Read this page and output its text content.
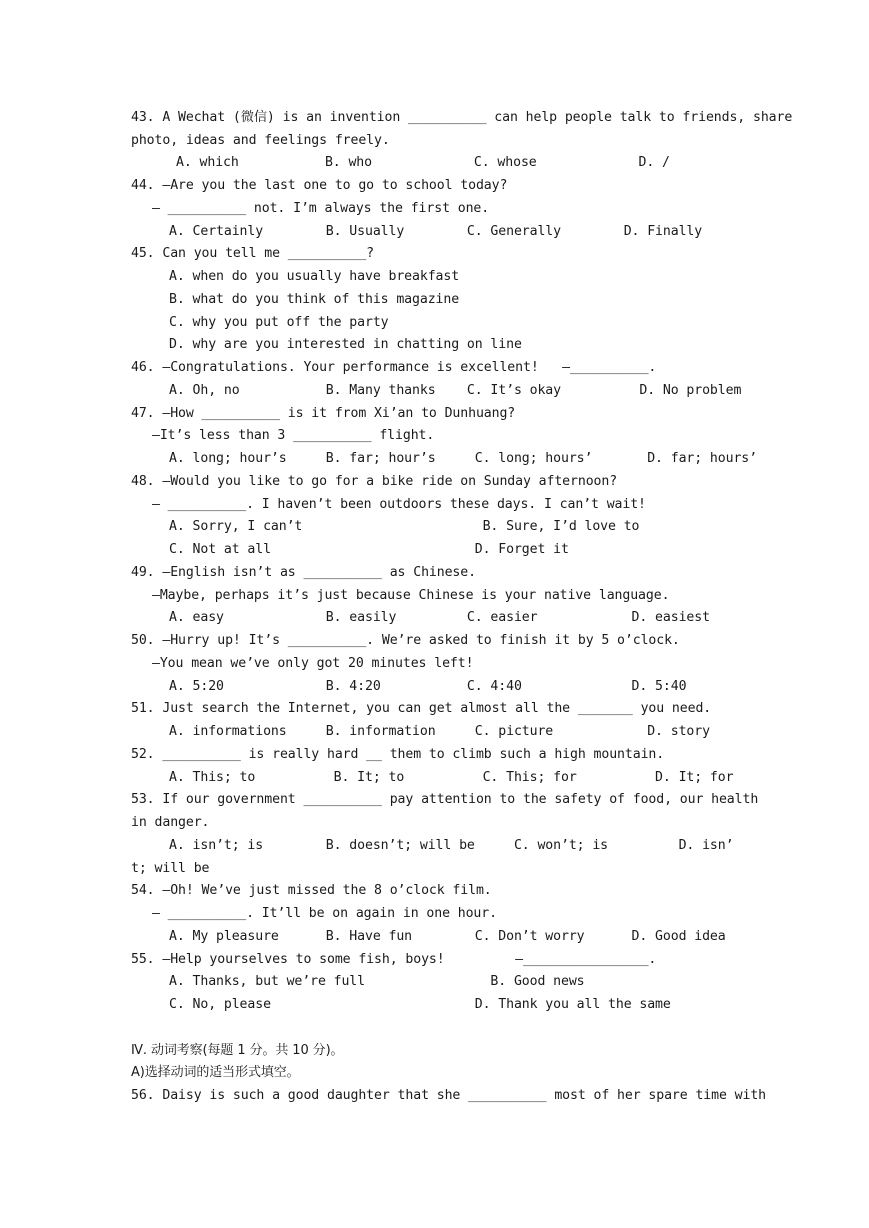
43. A Wechat (微信) is an invention __________ can help people talk to friends, share
photo, ideas and feelings freely.
A. which           B. who             C. whose             D. /
44. —Are you the last one to go to school today?
— __________ not. I’m always the first one.
A. Certainly        B. Usually        C. Generally        D. Finally
45. Can you tell me __________?
A. when do you usually have breakfast
B. what do you think of this magazine
C. why you put off the party
D. why are you interested in chatting on line
46. —Congratulations. Your performance is excellent!   —__________.
A. Oh, no           B. Many thanks    C. It’s okay          D. No problem
47. —How __________ is it from Xi’an to Dunhuang?
—It’s less than 3 __________ flight.
A. long; hour’s     B. far; hour’s     C. long; hours’       D. far; hours’
48. —Would you like to go for a bike ride on Sunday afternoon?
— __________. I haven’t been outdoors these days. I can’t wait!
A. Sorry, I can’t                       B. Sure, I’d love to
C. Not at all                          D. Forget it
49. —English isn’t as __________ as Chinese.
—Maybe, perhaps it’s just because Chinese is your native language.
A. easy             B. easily         C. easier            D. easiest
50. —Hurry up! It’s __________. We’re asked to finish it by 5 o’clock.
—You mean we’ve only got 20 minutes left!
A. 5:20             B. 4:20           C. 4:40              D. 5:40
51. Just search the Internet, you can get almost all the _______ you need.
A. informations     B. information     C. picture            D. story
52. __________ is really hard __ them to climb such a high mountain.
A. This; to          B. It; to          C. This; for          D. It; for
53. If our government __________ pay attention to the safety of food, our health
in danger.
A. isn’t; is        B. doesn’t; will be     C. won’t; is         D. isn’
t; will be
54. —Oh! We’ve just missed the 8 o’clock film.
— __________. It’ll be on again in one hour.
A. My pleasure      B. Have fun        C. Don’t worry      D. Good idea
55. —Help yourselves to some fish, boys!         —________________.
A. Thanks, but we’re full                B. Good news
C. No, please                          D. Thank you all the same
Ⅳ. 动词考察(每题 1 分。共 10 分)。
A)选择动词的适当形式填空。
56. Daisy is such a good daughter that she __________ most of her spare time with
